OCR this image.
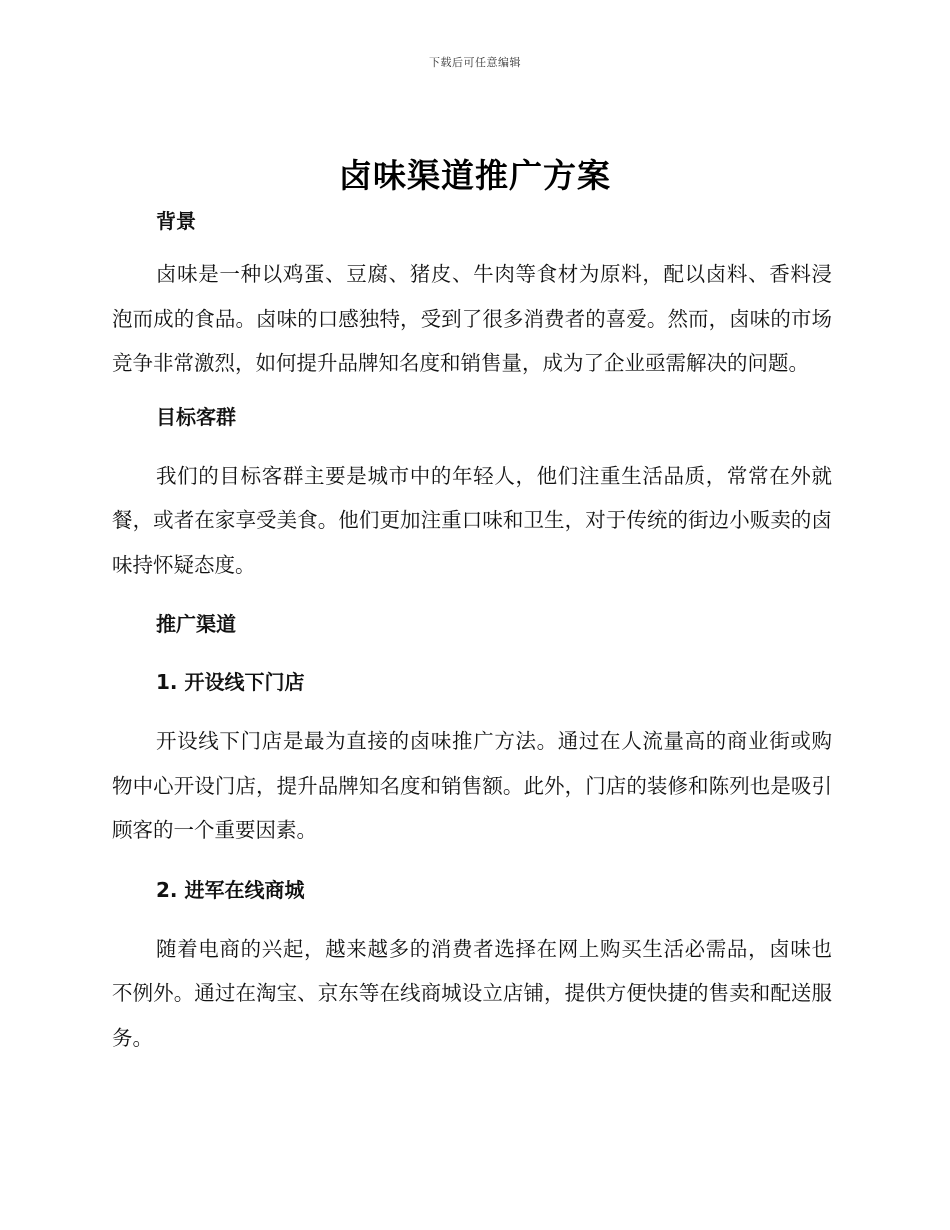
下载后可任意编辑
卤味渠道推广方案

背景

卤味是一种以鸡蛋、豆腐、猪皮、牛肉等食材为原料，配以卤料、香料浸泡而成的食品。卤味的口感独特，受到了很多消费者的喜爱。然而，卤味的市场竞争非常激烈，如何提升品牌知名度和销售量，成为了企业亟需解决的问题。

目标客群

我们的目标客群主要是城市中的年轻人，他们注重生活品质，常常在外就餐，或者在家享受美食。他们更加注重口味和卫生，对于传统的街边小贩卖的卤味持怀疑态度。

推广渠道

1. 开设线下门店

开设线下门店是最为直接的卤味推广方法。通过在人流量高的商业街或购物中心开设门店，提升品牌知名度和销售额。此外，门店的装修和陈列也是吸引顾客的一个重要因素。

2. 进军在线商城

随着电商的兴起，越来越多的消费者选择在网上购买生活必需品，卤味也不例外。通过在淘宝、京东等在线商城设立店铺，提供方便快捷的售卖和配送服务。
